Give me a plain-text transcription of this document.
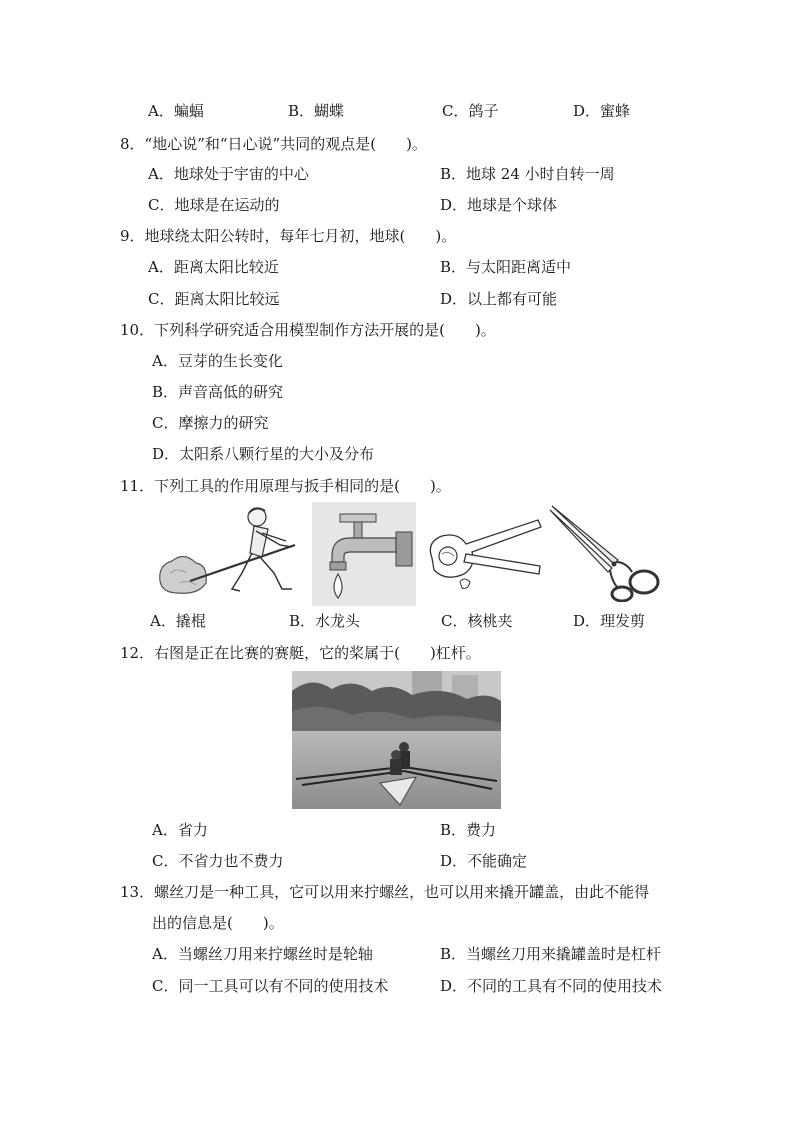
A．蝙蝠	B．蝴蝶	C．鸽子	D．蜜蜂
8．“地心说”和“日心说”共同的观点是(　　)。
A．地球处于宇宙的中心	B．地球 24 小时自转一周
C．地球是在运动的	D．地球是个球体
9．地球绕太阳公转时，每年七月初，地球(　　)。
A．距离太阳比较近	B．与太阳距离适中
C．距离太阳比较远	D．以上都有可能
10．下列科学研究适合用模型制作方法开展的是(　　)。
A．豆芽的生长变化
B．声音高低的研究
C．摩擦力的研究
D．太阳系八颗行星的大小及分布
11．下列工具的作用原理与扳手相同的是(　　)。
A．撬棍	B．水龙头	C．核桃夹	D．理发剪
12．右图是正在比赛的赛艇，它的桨属于(　　)杠杆。
A．省力	B．费力
C．不省力也不费力	D．不能确定
13．螺丝刀是一种工具，它可以用来拧螺丝，也可以用来撬开罐盖，由此不能得
出的信息是(　　)。
A．当螺丝刀用来拧螺丝时是轮轴	B．当螺丝刀用来撬罐盖时是杠杆
C．同一工具可以有不同的使用技术	D．不同的工具有不同的使用技术
